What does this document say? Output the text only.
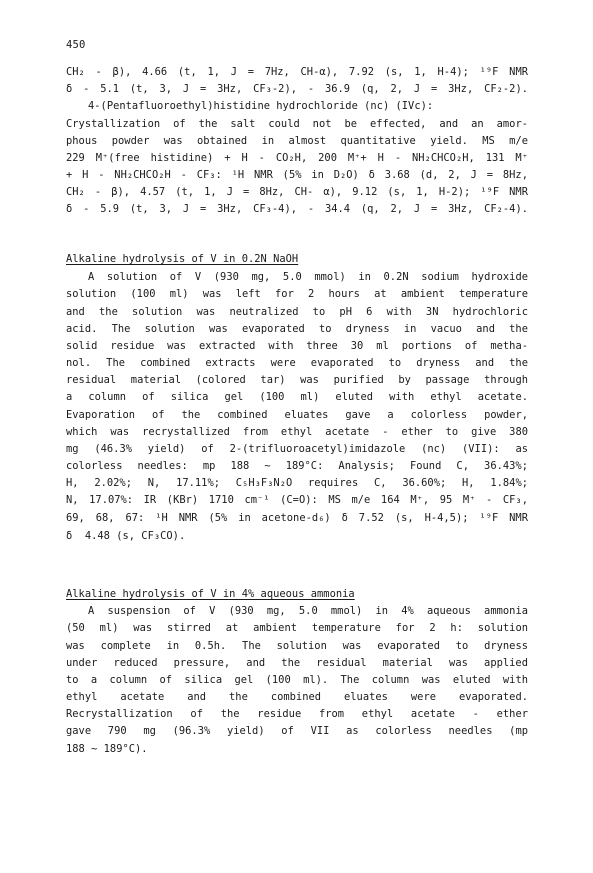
450
CH₂ - β), 4.66 (t, 1, J = 7Hz, CH-α), 7.92 (s, 1, H-4); ¹⁹F NMR
δ - 5.1 (t, 3, J = 3Hz, CF₃-2), - 36.9 (q, 2, J = 3Hz, CF₂-2).
4-(Pentafluoroethyl)histidine hydrochloride (nc) (IVc):
Crystallization of the salt could not be effected, and an amor-
phous powder was obtained in almost quantitative yield. MS m/e
229 M⁺(free histidine) + H - CO₂H, 200 M⁺+ H - NH₂CHCO₂H, 131 M⁺
+ H - NH₂CHCO₂H - CF₃: ¹H NMR (5% in D₂O) δ 3.68 (d, 2, J = 8Hz,
CH₂ - β), 4.57 (t, 1, J = 8Hz, CH- α), 9.12 (s, 1, H-2); ¹⁹F NMR
δ - 5.9 (t, 3, J = 3Hz, CF₃-4), - 34.4 (q, 2, J = 3Hz, CF₂-4).
Alkaline hydrolysis of V in 0.2N NaOH
A solution of V (930 mg, 5.0 mmol) in 0.2N sodium hydroxide
solution (100 ml) was left for 2 hours at ambient temperature
and the solution was neutralized to pH 6 with 3N hydrochloric
acid. The solution was evaporated to dryness in vacuo and the
solid residue was extracted with three 30 ml portions of metha-
nol. The combined extracts were evaporated to dryness and the
residual material (colored tar) was purified by passage through
a column of silica gel (100 ml) eluted with ethyl acetate.
Evaporation of the combined eluates gave a colorless powder,
which was recrystallized from ethyl acetate - ether to give 380
mg (46.3% yield) of 2-(trifluoroacetyl)imidazole (nc) (VII): as
colorless needles: mp 188 ~ 189°C: Analysis; Found C, 36.43%;
H, 2.02%; N, 17.11%; C₅H₃F₃N₂O requires C, 36.60%; H, 1.84%;
N, 17.07%: IR (KBr) 1710 cm⁻¹ (C=O): MS m/e 164 M⁺, 95 M⁺ - CF₃,
69, 68, 67: ¹H NMR (5% in acetone-d₆) δ 7.52 (s, H-4,5); ¹⁹F NMR
δ  4.48 (s, CF₃CO).
Alkaline hydrolysis of V in 4% aqueous ammonia
A suspension of V (930 mg, 5.0 mmol) in 4% aqueous ammonia
(50 ml) was stirred at ambient temperature for 2 h: solution
was complete in 0.5h. The solution was evaporated to dryness
under reduced pressure, and the residual material was applied
to a column of silica gel (100 ml). The column was eluted with
ethyl acetate and the combined eluates were evaporated.
Recrystallization of the residue from ethyl acetate - ether
gave 790 mg (96.3% yield) of VII as colorless needles (mp
188 ~ 189°C).
